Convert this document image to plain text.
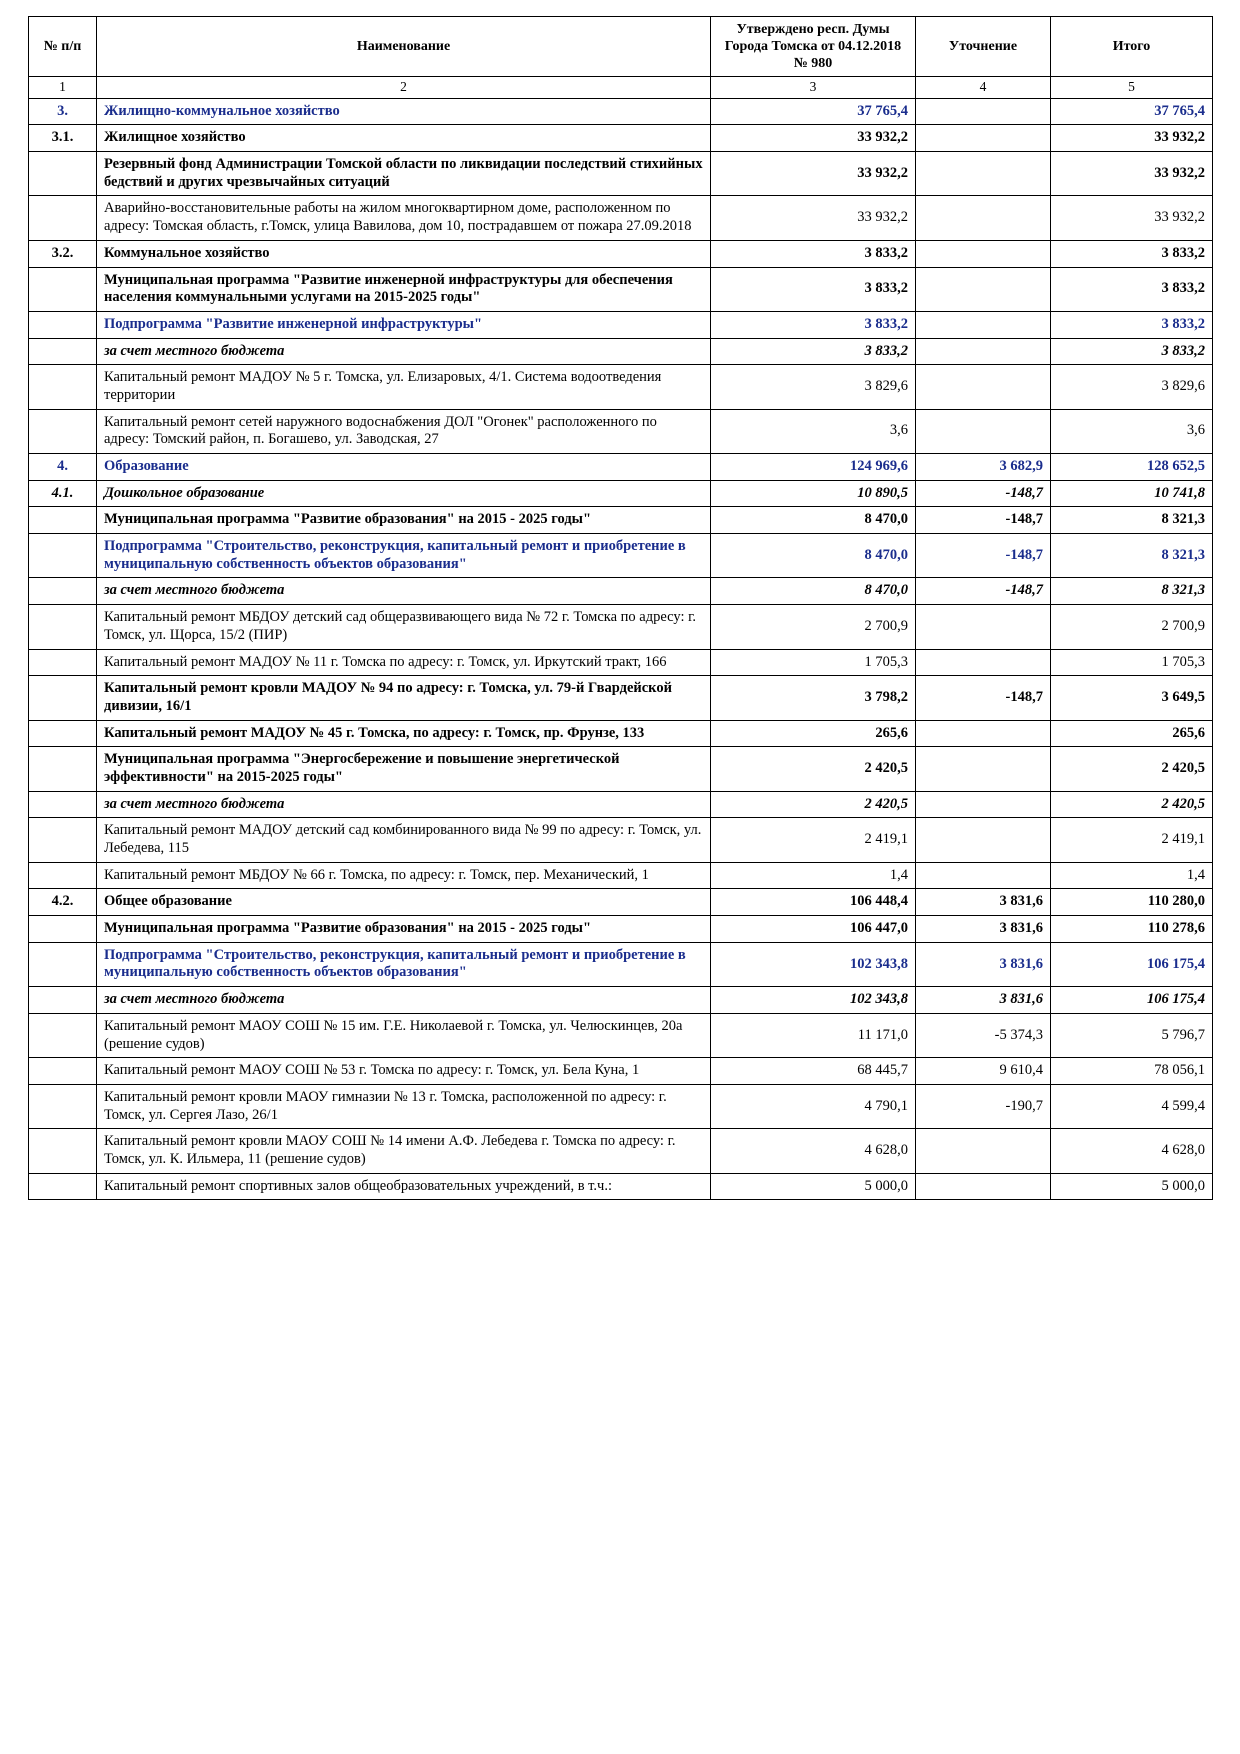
№ п/п	Наименование	Утверждено респ. Думы Города Томска от 04.12.2018 № 980	Уточнение	Итого
1	2	3	4	5
3.	Жилищно-коммунальное хозяйство	37 765,4		37 765,4
3.1.	Жилищное хозяйство	33 932,2		33 932,2
	Резервный фонд Администрации Томской области по ликвидации последствий стихийных бедствий и других чрезвычайных ситуаций	33 932,2		33 932,2
	Аварийно-восстановительные работы на жилом многоквартирном доме, расположенном по адресу: Томская область, г.Томск, улица Вавилова, дом 10, пострадавшем от пожара 27.09.2018	33 932,2		33 932,2
3.2.	Коммунальное хозяйство	3 833,2		3 833,2
	Муниципальная программа "Развитие инженерной инфраструктуры для обеспечения населения коммунальными услугами на 2015-2025 годы"	3 833,2		3 833,2
	Подпрограмма "Развитие инженерной инфраструктуры"	3 833,2		3 833,2
	за счет местного бюджета	3 833,2		3 833,2
	Капитальный ремонт МАДОУ № 5 г. Томска, ул. Елизаровых, 4/1. Система водоотведения территории	3 829,6		3 829,6
	Капитальный ремонт сетей наружного водоснабжения ДОЛ "Огонек" расположенного по адресу: Томский район, п. Богашево, ул. Заводская, 27	3,6		3,6
4.	Образование	124 969,6	3 682,9	128 652,5
4.1.	Дошкольное образование	10 890,5	-148,7	10 741,8
	Муниципальная программа "Развитие образования" на 2015 - 2025 годы"	8 470,0	-148,7	8 321,3
	Подпрограмма "Строительство, реконструкция, капитальный ремонт и приобретение в муниципальную собственность объектов образования"	8 470,0	-148,7	8 321,3
	за счет местного бюджета	8 470,0	-148,7	8 321,3
	Капитальный ремонт МБДОУ детский сад общеразвивающего вида № 72 г. Томска по адресу: г. Томск, ул. Щорса, 15/2 (ПИР)	2 700,9		2 700,9
	Капитальный ремонт МАДОУ № 11 г. Томска по адресу: г. Томск, ул. Иркутский тракт, 166	1 705,3		1 705,3
	Капитальный ремонт кровли МАДОУ № 94 по адресу: г. Томска, ул. 79-й Гвардейской дивизии, 16/1	3 798,2	-148,7	3 649,5
	Капитальный ремонт МАДОУ № 45 г. Томска, по адресу: г. Томск, пр. Фрунзе, 133	265,6		265,6
	Муниципальная программа "Энергосбережение и повышение энергетической эффективности" на 2015-2025 годы"	2 420,5		2 420,5
	за счет местного бюджета	2 420,5		2 420,5
	Капитальный ремонт МАДОУ детский сад комбинированного вида № 99 по адресу: г. Томск, ул. Лебедева, 115	2 419,1		2 419,1
	Капитальный ремонт МБДОУ № 66 г. Томска, по адресу: г. Томск, пер. Механический, 1	1,4		1,4
4.2.	Общее образование	106 448,4	3 831,6	110 280,0
	Муниципальная программа "Развитие образования" на 2015 - 2025 годы"	106 447,0	3 831,6	110 278,6
	Подпрограмма "Строительство, реконструкция, капитальный ремонт и приобретение в муниципальную собственность объектов образования"	102 343,8	3 831,6	106 175,4
	за счет местного бюджета	102 343,8	3 831,6	106 175,4
	Капитальный ремонт МАОУ СОШ № 15 им. Г.Е. Николаевой г. Томска, ул. Челюскинцев, 20а (решение судов)	11 171,0	-5 374,3	5 796,7
	Капитальный ремонт МАОУ СОШ № 53 г. Томска по адресу: г. Томск, ул. Бела Куна, 1	68 445,7	9 610,4	78 056,1
	Капитальный ремонт кровли МАОУ гимназии № 13 г. Томска, расположенной по адресу: г. Томск, ул. Сергея Лазо, 26/1	4 790,1	-190,7	4 599,4
	Капитальный ремонт кровли МАОУ СОШ № 14 имени А.Ф. Лебедева г. Томска по адресу: г. Томск, ул. К. Ильмера, 11 (решение судов)	4 628,0		4 628,0
	Капитальный ремонт спортивных залов общеобразовательных учреждений, в т.ч.:	5 000,0		5 000,0
